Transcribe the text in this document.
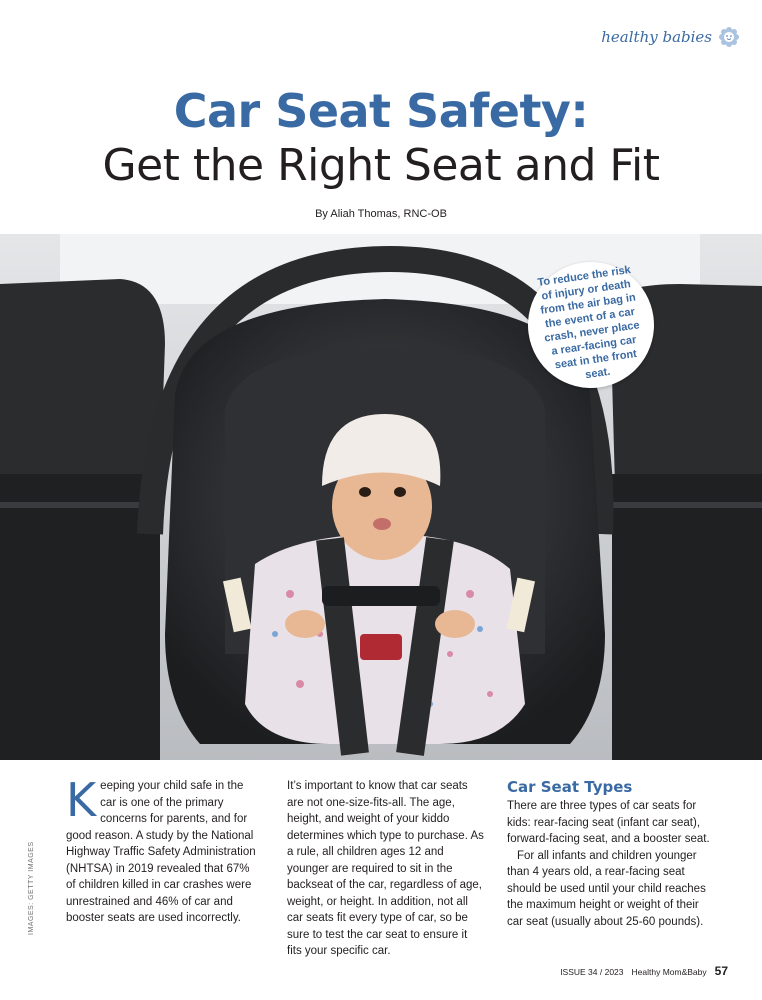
healthy babies
Car Seat Safety:
Get the Right Seat and Fit
By Aliah Thomas, RNC-OB
To reduce the risk of injury or death from the air bag in the event of a car crash, never place a rear-facing car seat in the front seat.
IMAGES: GETTY IMAGES

Keeping your child safe in the car is one of the primary concerns for parents, and for good reason. A study by the National Highway Traffic Safety Administration (NHTSA) in 2019 revealed that 67% of children killed in car crashes were unrestrained and 46% of car and booster seats are used incorrectly.

It’s important to know that car seats are not one-size-fits-all. The age, height, and weight of your kiddo determines which type to purchase. As a rule, all children ages 12 and younger are required to sit in the backseat of the car, regardless of age, weight, or height. In addition, not all car seats fit every type of car, so be sure to test the car seat to ensure it fits your specific car.

Car Seat Types

There are three types of car seats for kids: rear-facing seat (infant car seat), forward-facing seat, and a booster seat.

For all infants and children younger than 4 years old, a rear-facing seat should be used until your child reaches the maximum height or weight of their car seat (usually about 25-60 pounds).

ISSUE 34 / 2023 Healthy Mom&Baby 57
